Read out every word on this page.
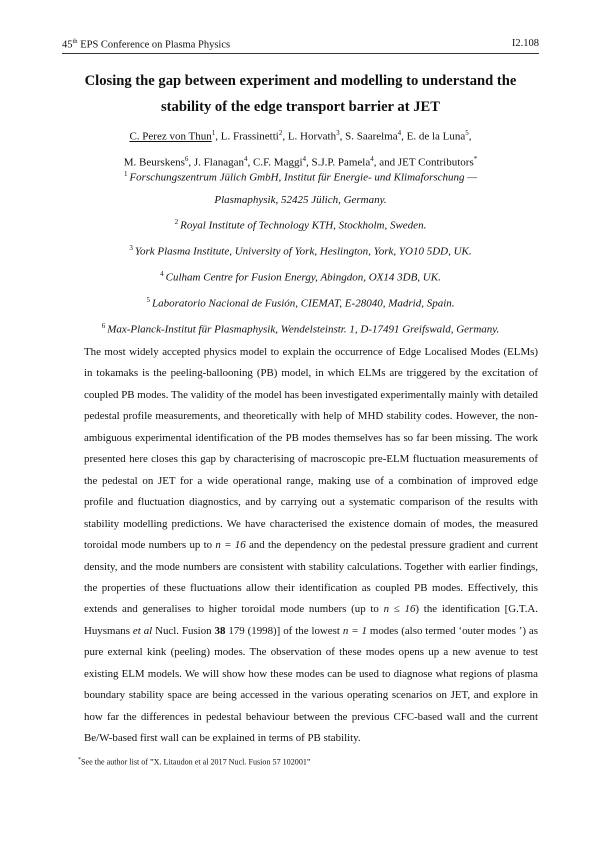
45th EPS Conference on Plasma Physics	I2.108
Closing the gap between experiment and modelling to understand the
stability of the edge transport barrier at JET
C. Perez von Thun$^1$, L. Frassinetti$^2$, L. Horvath$^3$, S. Saarelma$^4$, E. de la Luna$^5$,
M. Beurskens$^6$, J. Flanagan$^4$, C.F. Maggi$^4$, S.J.P. Pamela$^4$, and JET Contributors*
$^1$ Forschungszentrum Jülich GmbH, Institut für Energie- und Klimaforschung —
Plasmaphysik, 52425 Jülich, Germany.
$^2$ Royal Institute of Technology KTH, Stockholm, Sweden.
$^3$ York Plasma Institute, University of York, Heslington, York, YO10 5DD, UK.
$^4$ Culham Centre for Fusion Energy, Abingdon, OX14 3DB, UK.
$^5$ Laboratorio Nacional de Fusión, CIEMAT, E-28040, Madrid, Spain.
$^6$ Max-Planck-Institut für Plasmaphysik, Wendelsteinstr. 1, D-17491 Greifswald, Germany.

The most widely accepted physics model to explain the occurrence of Edge Localised Modes (ELMs) in tokamaks is the peeling-ballooning (PB) model, in which ELMs are triggered by the excitation of coupled PB modes. The validity of the model has been investigated experimentally mainly with detailed pedestal profile measurements, and theoretically with help of MHD stability codes. However, the non-ambiguous experimental identification of the PB modes themselves has so far been missing. The work presented here closes this gap by characterising of macroscopic pre-ELM fluctuation measurements of the pedestal on JET for a wide operational range, making use of a combination of improved edge profile and fluctuation diagnostics, and by carrying out a systematic comparison of the results with stability modelling predictions. We have characterised the existence domain of modes, the measured toroidal mode numbers up to n = 16 and the dependency on the pedestal pressure gradient and current density, and the mode numbers are consistent with stability calculations. Together with earlier findings, the properties of these fluctuations allow their identification as coupled PB modes. Effectively, this extends and generalises to higher toroidal mode numbers (up to n ≤ 16) the identification [G.T.A. Huysmans et al Nucl. Fusion 38 179 (1998)] of the lowest n = 1 modes (also termed ‘outer modes ’) as pure external kink (peeling) modes. The observation of these modes opens up a new avenue to test existing ELM models. We will show how these modes can be used to diagnose what regions of plasma boundary stability space are being accessed in the various operating scenarios on JET, and explore in how far the differences in pedestal behaviour between the previous CFC-based wall and the current Be/W-based first wall can be explained in terms of PB stability.

*See the author list of ”X. Litaudon et al 2017 Nucl. Fusion 57 102001”
